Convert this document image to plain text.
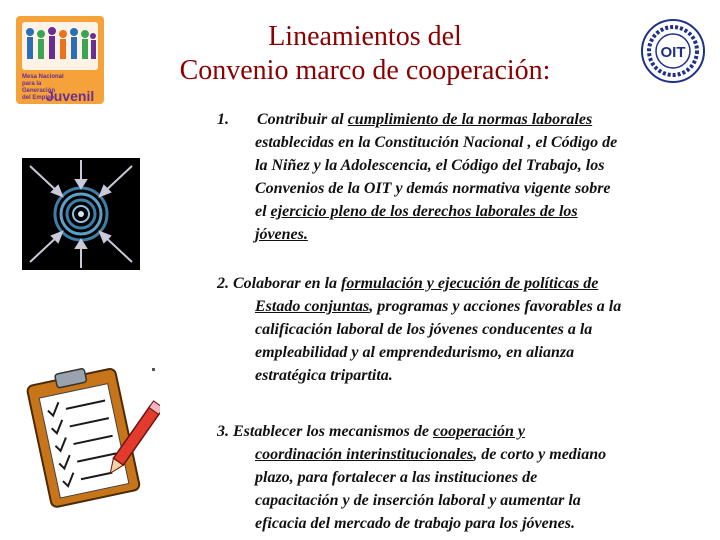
Mesa Nacional para la
Generación
del Empleo
Juvenil
Lineamientos del
Convenio marco de cooperación:
OIT
1. Contribuir al cumplimiento de la normas laborales
establecidas en la Constitución Nacional , el Código de
la Niñez y la Adolescencia, el Código del Trabajo, los
Convenios de la OIT y demás normativa vigente sobre
el ejercicio pleno de los derechos laborales de los
jóvenes.
2. Colaborar en la formulación y ejecución de políticas de
Estado conjuntas, programas y acciones favorables a la
calificación laboral de los jóvenes conducentes a la
empleabilidad y al emprendedurismo, en alianza
estratégica tripartita.
3. Establecer los mecanismos de cooperación y
coordinación interinstitucionales, de corto y mediano
plazo, para fortalecer a las instituciones de
capacitación y de inserción laboral y aumentar la
eficacia del mercado de trabajo para los jóvenes.
